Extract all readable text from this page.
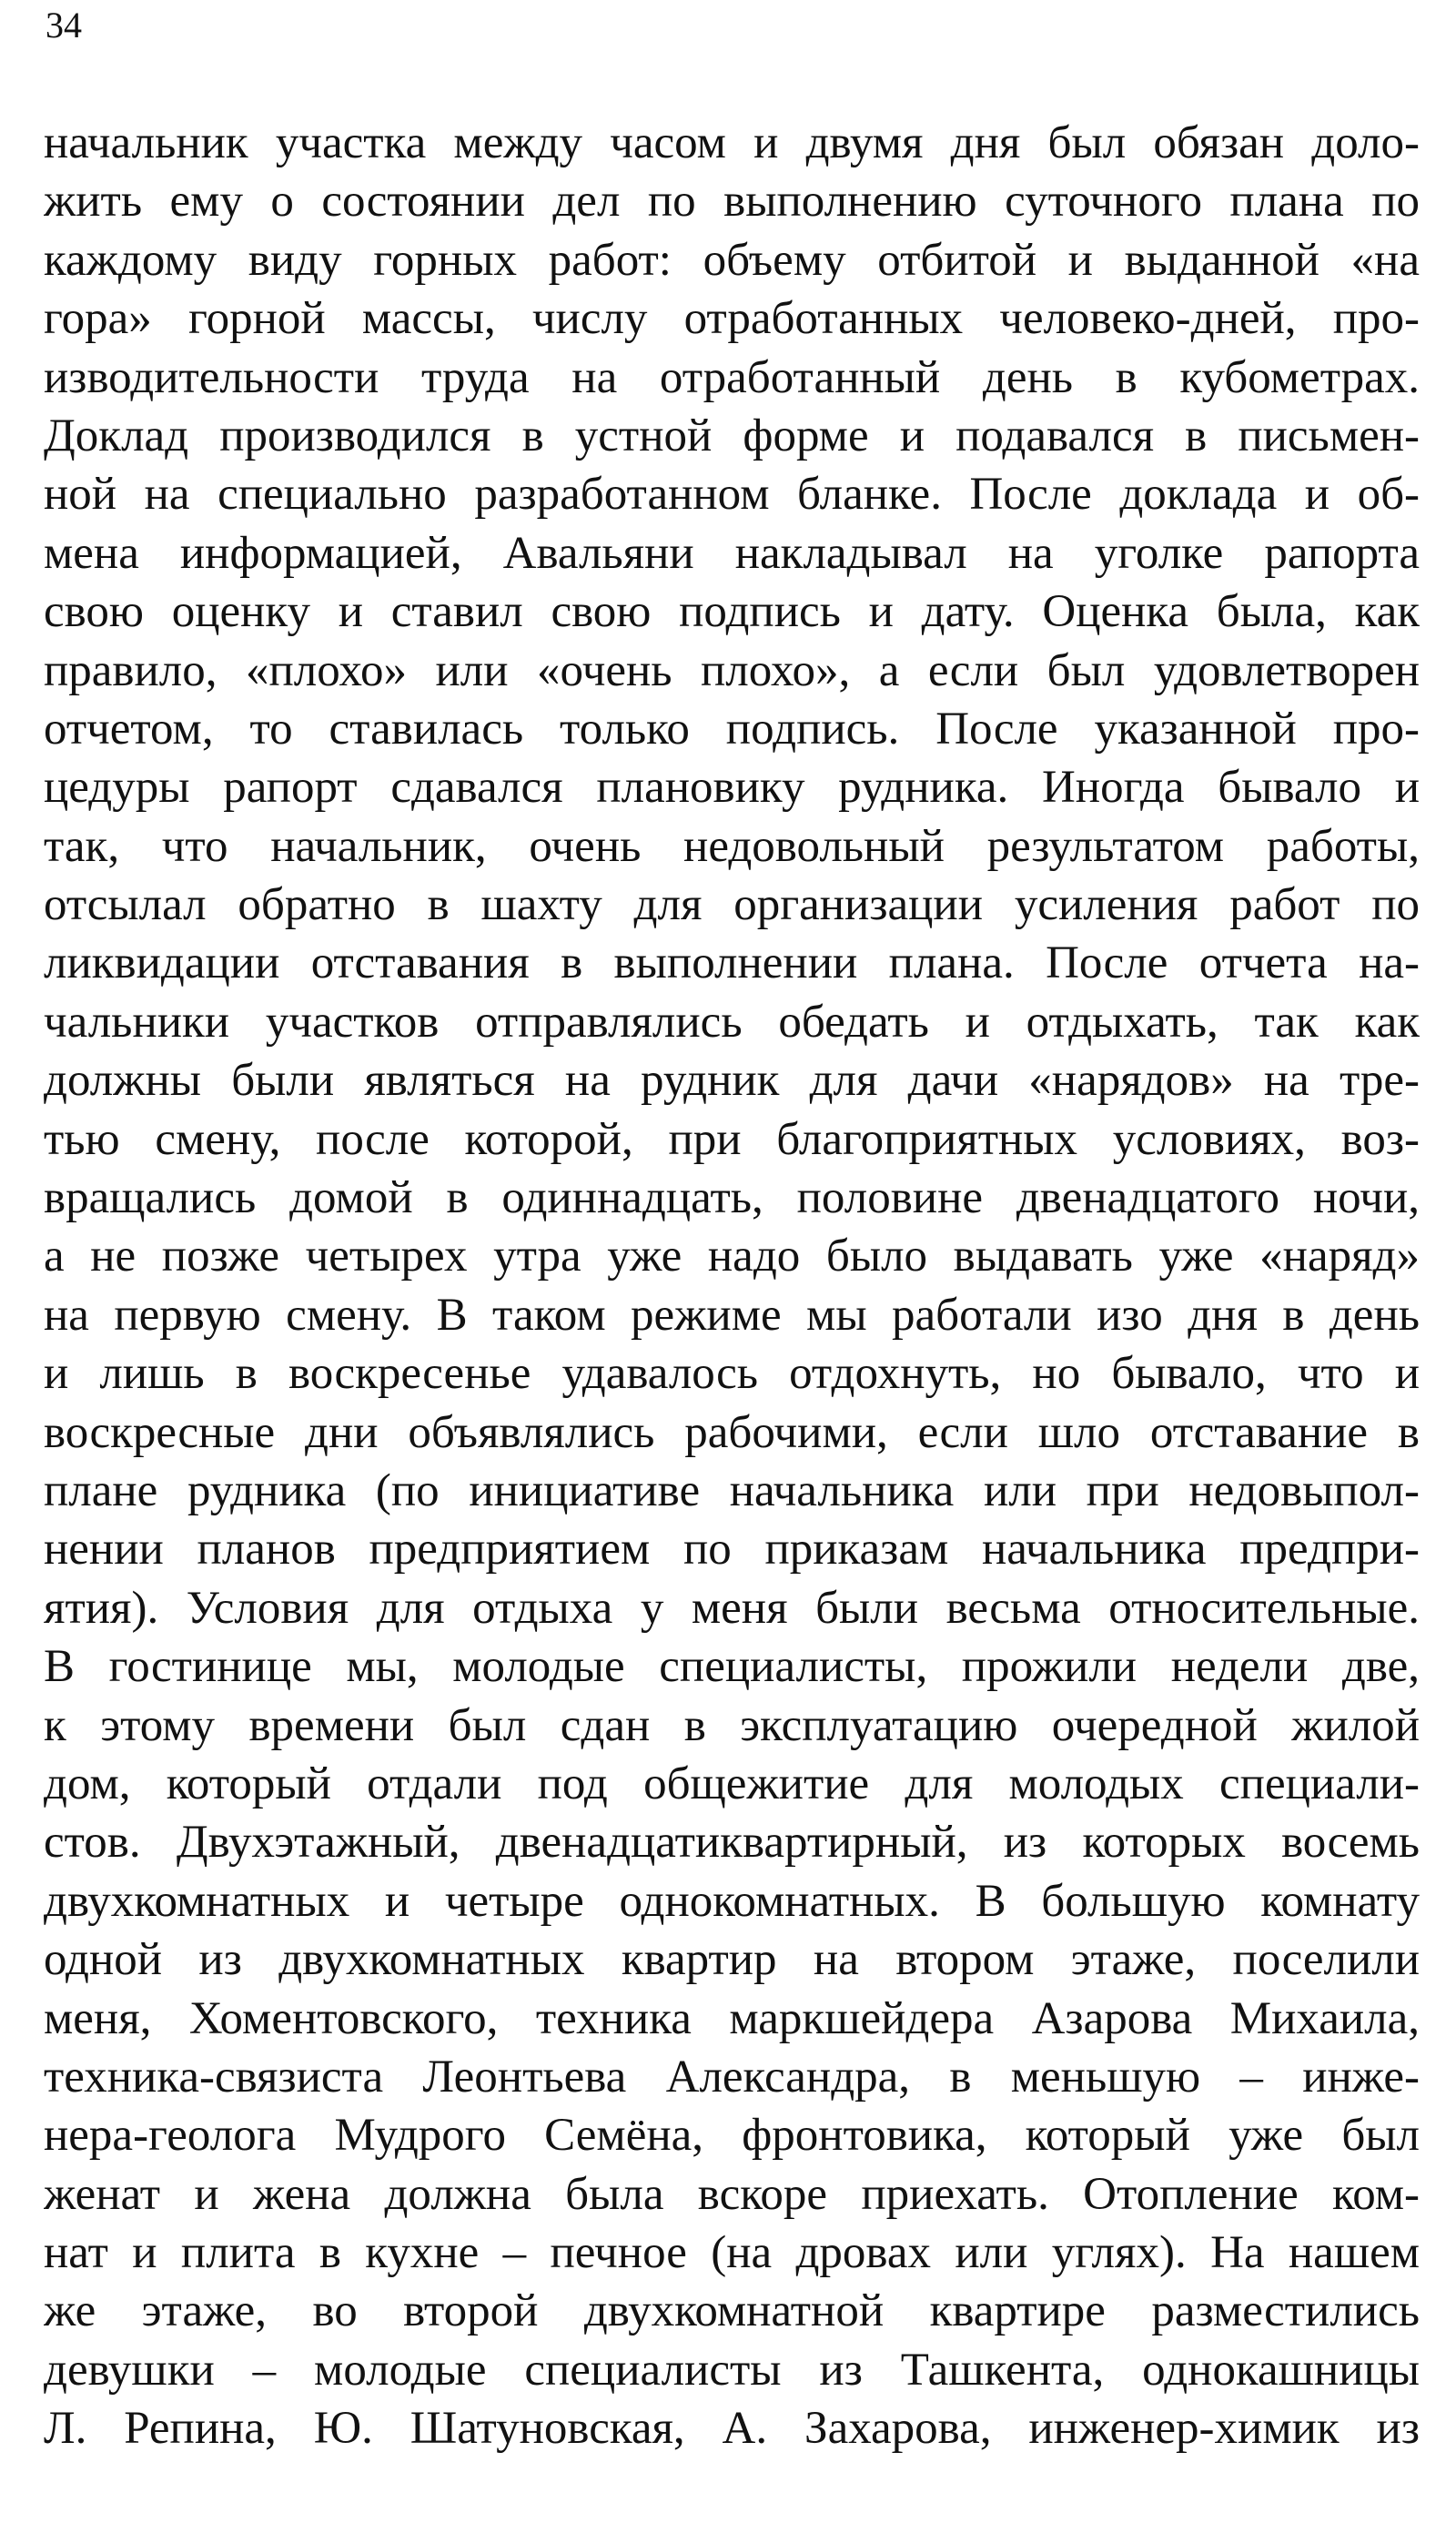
34
начальник участка между часом и двумя дня был обязан доло-
жить ему о состоянии дел по выполнению суточного плана по
каждому виду горных работ: объему отбитой и выданной «на
гора» горной массы, числу отработанных человеко-дней, про-
изводительности труда на отработанный день в кубометрах.
Доклад производился в устной форме и подавался в письмен-
ной на специально разработанном бланке. После доклада и об-
мена информацией, Авальяни накладывал на уголке рапорта
свою оценку и ставил свою подпись и дату. Оценка была, как
правило, «плохо» или «очень плохо», а если был удовлетворен
отчетом, то ставилась только подпись. После указанной про-
цедуры рапорт сдавался плановику рудника. Иногда бывало и
так, что начальник, очень недовольный результатом работы,
отсылал обратно в шахту для организации усиления работ по
ликвидации отставания в выполнении плана. После отчета на-
чальники участков отправлялись обедать и отдыхать, так как
должны были являться на рудник для дачи «нарядов» на тре-
тью смену, после которой, при благоприятных условиях, воз-
вращались домой в одиннадцать, половине двенадцатого ночи,
а не позже четырех утра уже надо было выдавать уже «наряд»
на первую смену. В таком режиме мы работали изо дня в день
и лишь в воскресенье удавалось отдохнуть, но бывало, что и
воскресные дни объявлялись рабочими, если шло отставание в
плане рудника (по инициативе начальника или при недовыпол-
нении планов предприятием по приказам начальника предпри-
ятия). Условия для отдыха у меня были весьма относительные.
В гостинице мы, молодые специалисты, прожили недели две,
к этому времени был сдан в эксплуатацию очередной жилой
дом, который отдали под общежитие для молодых специали-
стов. Двухэтажный, двенадцатиквартирный, из которых восемь
двухкомнатных и четыре однокомнатных. В большую комнату
одной из двухкомнатных квартир на втором этаже, поселили
меня, Хоментовского, техника маркшейдера Азарова Михаила,
техника-связиста Леонтьева Александра, в меньшую – инже-
нера-геолога Мудрого Семёна, фронтовика, который уже был
женат и жена должна была вскоре приехать. Отопление ком-
нат и плита в кухне – печное (на дровах или углях). На нашем
же этаже, во второй двухкомнатной квартире разместились
девушки – молодые специалисты из Ташкента, однокашницы
Л. Репина, Ю. Шатуновская, А. Захарова, инженер-химик из
